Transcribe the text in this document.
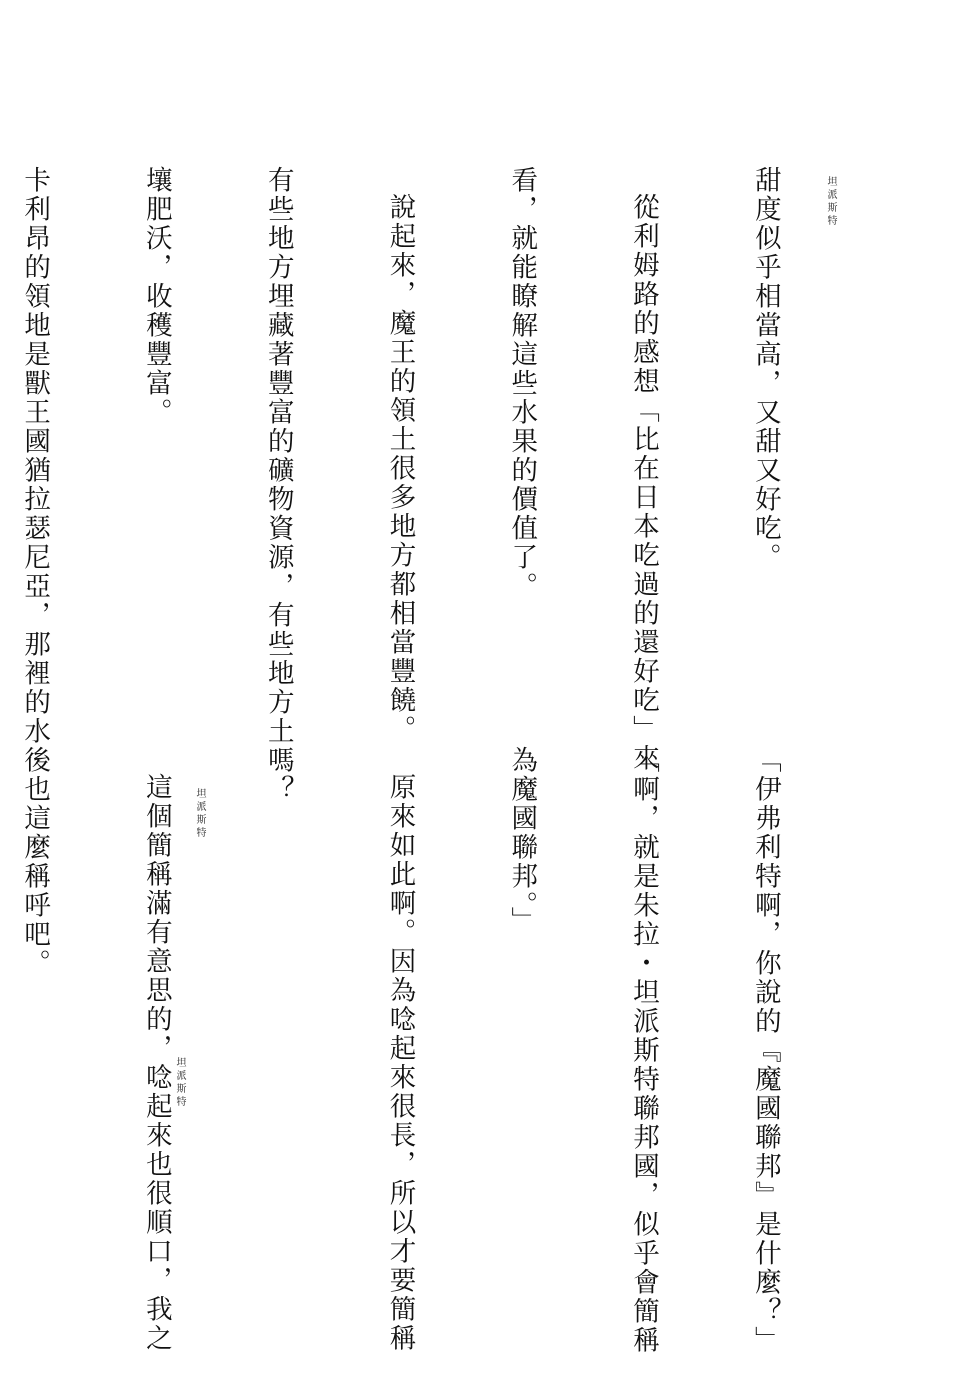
甜度似乎相當高，又甜又好吃。

從利姆路的感想「比在日本吃過的還好吃」來

看，就能瞭解這些水果的價值了。

說起來，魔王的領土很多地方都相當豐饒。

有些地方埋藏著豐富的礦物資源，有些地方土

壤肥沃，收穫豐富。

卡利昂的領地是獸王國猶拉瑟尼亞，那裡的水

「伊弗利特啊，你說的『魔國聯邦』是什麼？」

「啊，就是朱拉・坦派斯特聯邦國，似乎會簡稱

為魔國聯邦。」

原來如此啊。因為唸起來很長，所以才要簡稱

嗎？

這個簡稱滿有意思的，唸起來也很順口，我之

後也這麼稱呼吧。

坦派斯特
坦派斯特
坦派斯特
